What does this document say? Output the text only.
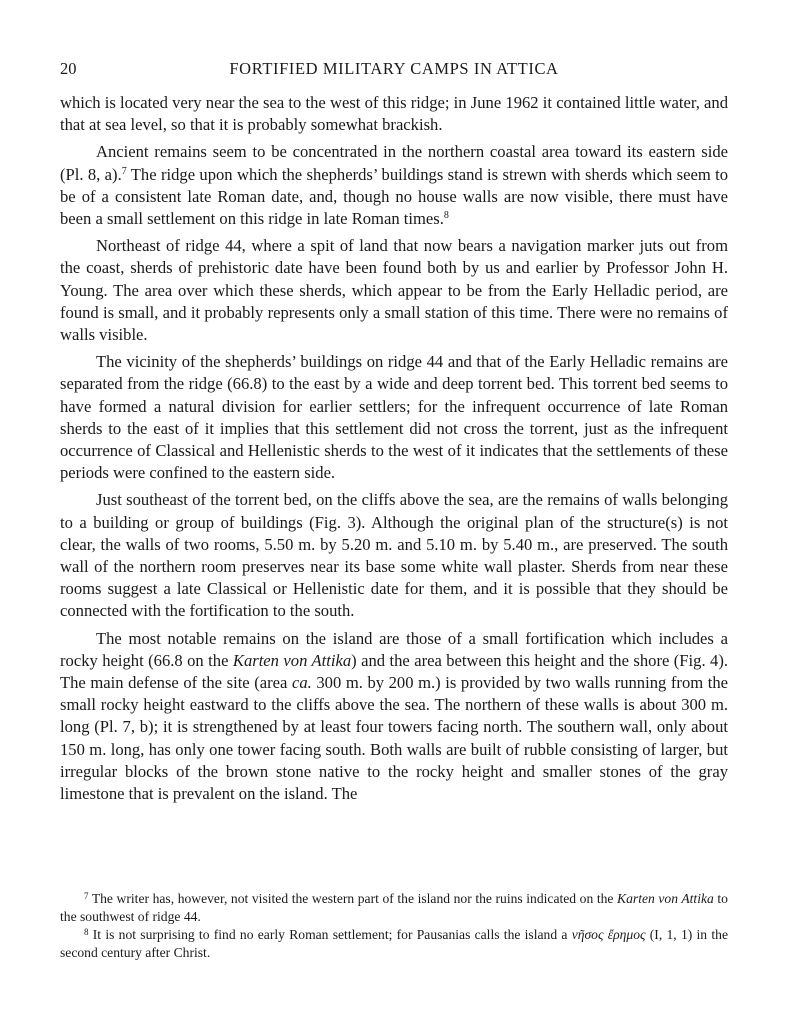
20	FORTIFIED MILITARY CAMPS IN ATTICA

which is located very near the sea to the west of this ridge; in June 1962 it contained little water, and that at sea level, so that it is probably somewhat brackish.

Ancient remains seem to be concentrated in the northern coastal area toward its eastern side (Pl. 8, a).$^7$ The ridge upon which the shepherds’ buildings stand is strewn with sherds which seem to be of a consistent late Roman date, and, though no house walls are now visible, there must have been a small settlement on this ridge in late Roman times.$^8$

Northeast of ridge 44, where a spit of land that now bears a navigation marker juts out from the coast, sherds of prehistoric date have been found both by us and earlier by Professor John H. Young. The area over which these sherds, which appear to be from the Early Helladic period, are found is small, and it probably represents only a small station of this time. There were no remains of walls visible.

The vicinity of the shepherds’ buildings on ridge 44 and that of the Early Helladic remains are separated from the ridge (66.8) to the east by a wide and deep torrent bed. This torrent bed seems to have formed a natural division for earlier settlers; for the infrequent occurrence of late Roman sherds to the east of it implies that this settlement did not cross the torrent, just as the infrequent occurrence of Classical and Hellenistic sherds to the west of it indicates that the settlements of these periods were confined to the eastern side.

Just southeast of the torrent bed, on the cliffs above the sea, are the remains of walls belonging to a building or group of buildings (Fig. 3). Although the original plan of the structure(s) is not clear, the walls of two rooms, 5.50 m. by 5.20 m. and 5.10 m. by 5.40 m., are preserved. The south wall of the northern room preserves near its base some white wall plaster. Sherds from near these rooms suggest a late Classical or Hellenistic date for them, and it is possible that they should be connected with the fortification to the south.

The most notable remains on the island are those of a small fortification which includes a rocky height (66.8 on the Karten von Attika) and the area between this height and the shore (Fig. 4). The main defense of the site (area ca. 300 m. by 200 m.) is provided by two walls running from the small rocky height eastward to the cliffs above the sea. The northern of these walls is about 300 m. long (Pl. 7, b); it is strengthened by at least four towers facing north. The southern wall, only about 150 m. long, has only one tower facing south. Both walls are built of rubble consisting of larger, but irregular blocks of the brown stone native to the rocky height and smaller stones of the gray limestone that is prevalent on the island. The

$^7$ The writer has, however, not visited the western part of the island nor the ruins indicated on the Karten von Attika to the southwest of ridge 44.

$^8$ It is not surprising to find no early Roman settlement; for Pausanias calls the island a νῆσος ἔρημος (I, 1, 1) in the second century after Christ.
